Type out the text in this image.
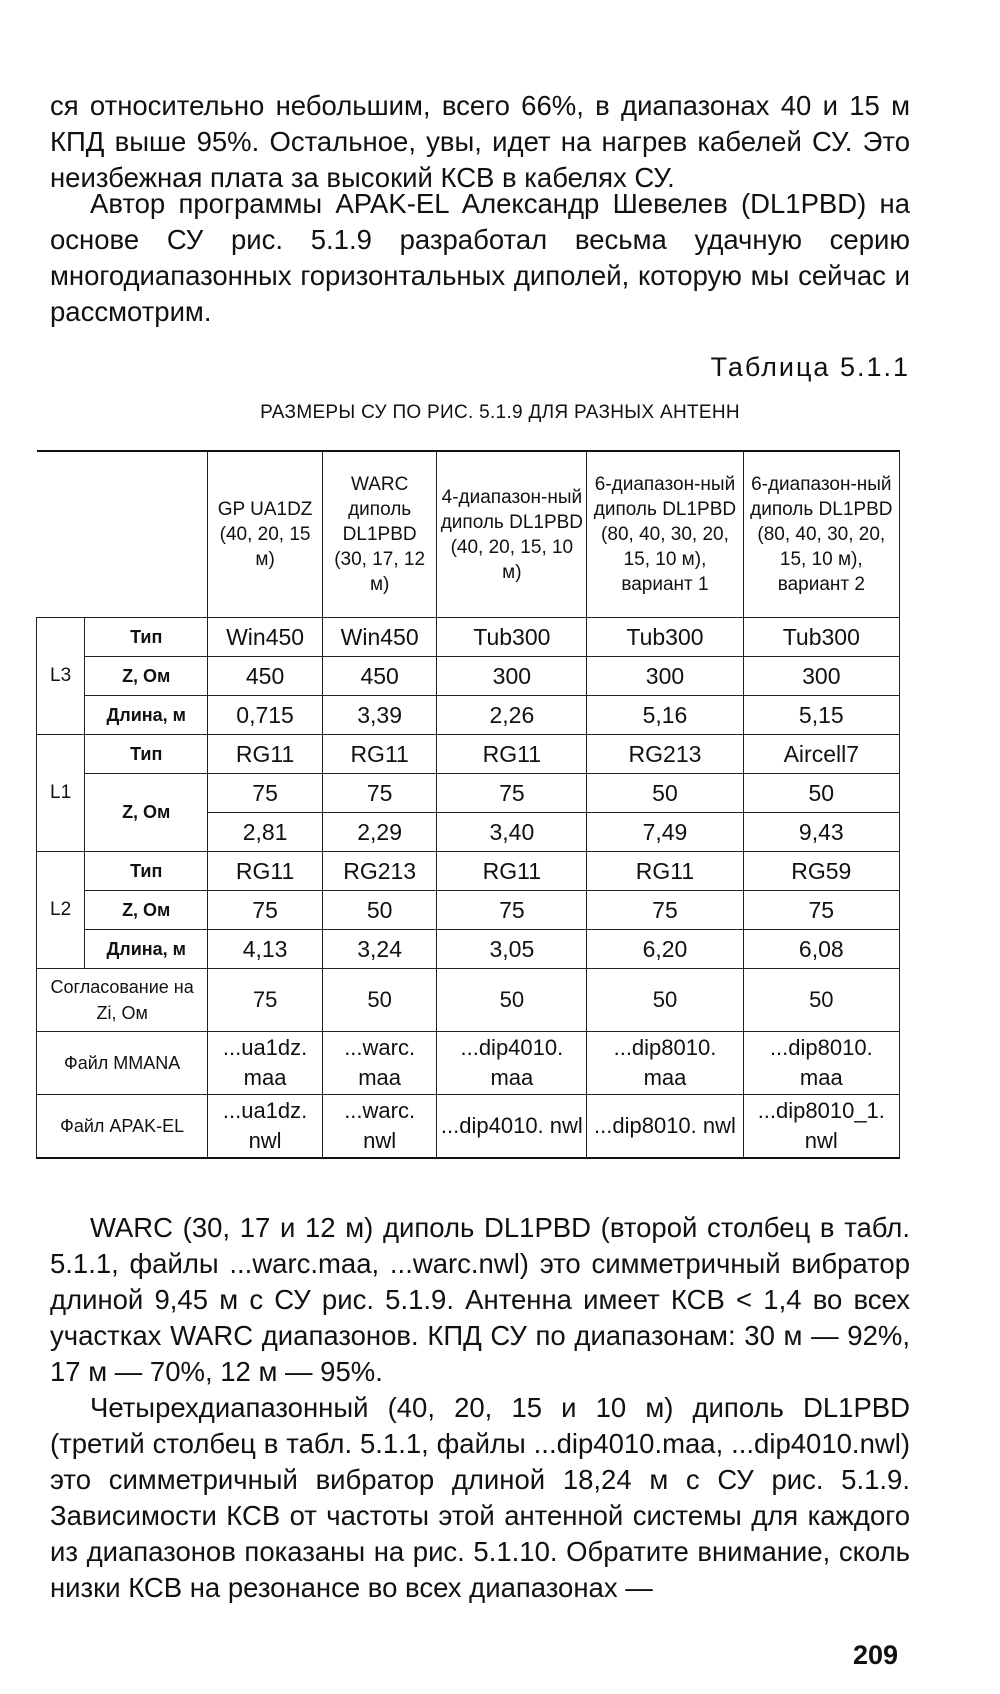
ся относительно небольшим, всего 66%, в диапазонах 40 и 15 м КПД выше 95%. Остальное, увы, идет на нагрев кабелей СУ. Это неизбежная плата за высокий КСВ в кабелях СУ.

Автор программы APAK-EL Александр Шевелев (DL1PBD) на основе СУ рис. 5.1.9 разработал весьма удачную серию многодиапазонных горизонтальных диполей, которую мы сейчас и рассмотрим.

Таблица 5.1.1
РАЗМЕРЫ СУ ПО РИС. 5.1.9 ДЛЯ РАЗНЫХ АНТЕНН
		GP UA1DZ (40, 20, 15 м)	WARC диполь DL1PBD (30, 17, 12 м)	4-диапазон-ный диполь DL1PBD (40, 20, 15, 10 м)	6-диапазон-ный диполь DL1PBD (80, 40, 30, 20, 15, 10 м), вариант 1	6-диапазон-ный диполь DL1PBD (80, 40, 30, 20, 15, 10 м), вариант 2
L3	Тип	Win450	Win450	Tub300	Tub300	Tub300
	Z, Ом	450	450	300	300	300
	Длина, м	0,715	3,39	2,26	5,16	5,15
L1	Тип	RG11	RG11	RG11	RG213	Aircell7
	Z, Ом	75	75	75	50	50
		2,81	2,29	3,40	7,49	9,43
L2	Тип	RG11	RG213	RG11	RG11	RG59
	Z, Ом	75	50	75	75	75
	Длина, м	4,13	3,24	3,05	6,20	6,08
Согласование на Zi, Ом		75	50	50	50	50
Файл MMANA		...ua1dz. maa	...warc. maa	...dip4010. maa	...dip8010. maa	...dip8010. maa
Файл APAK-EL		...ua1dz. nwl	...warc. nwl	...dip4010. nwl	...dip8010. nwl	...dip8010_1. nwl

WARC (30, 17 и 12 м) диполь DL1PBD (второй столбец в табл. 5.1.1, файлы ...warc.maa, ...warc.nwl) это симметричный вибратор длиной 9,45 м с СУ рис. 5.1.9. Антенна имеет КСВ < 1,4 во всех участках WARC диапазонов. КПД СУ по диапазонам: 30 м — 92%, 17 м — 70%, 12 м — 95%.

Четырехдиапазонный (40, 20, 15 и 10 м) диполь DL1PBD (третий столбец в табл. 5.1.1, файлы ...dip4010.maa, ...dip4010.nwl) это симметричный вибратор длиной 18,24 м с СУ рис. 5.1.9. Зависимости КСВ от частоты этой антенной системы для каждого из диапазонов показаны на рис. 5.1.10. Обратите внимание, сколь низки КСВ на резонансе во всех диапазонах —

209
